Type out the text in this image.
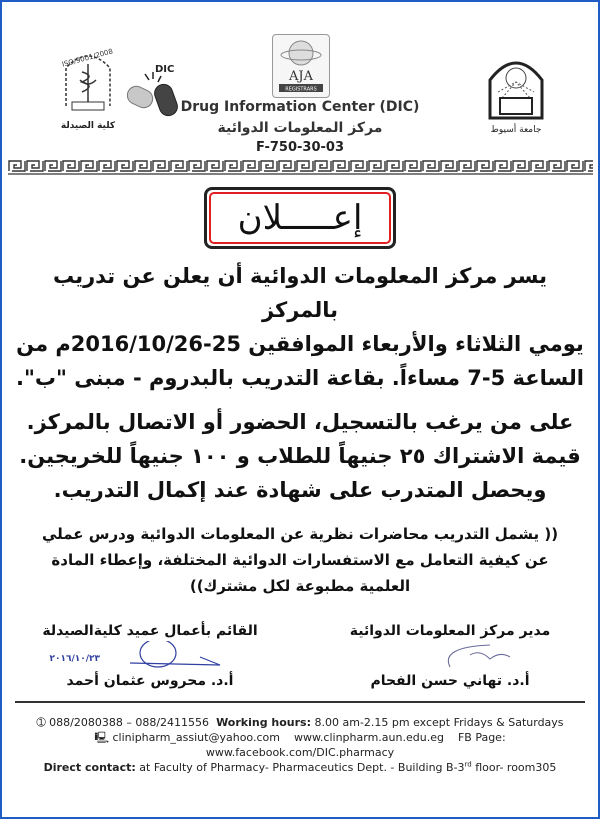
ISO/9001/2008
كلية الصيدلة
DIC	AJA
REGISTRARS
جامعة أسيوط
Drug Information Center (DIC)
مركز المعلومات الدوائية
F-750-30-03
إعـــــلان
يسر مركز المعلومات الدوائية أن يعلن عن تدريب بالمركز
يومي الثلاثاء والأربعاء الموافقين 25-2016/10/26م من
الساعة 5-7 مساءاً. بقاعة التدريب بالبدروم - مبنى "ب".
على من يرغب بالتسجيل، الحضور أو الاتصال بالمركز.
قيمة الاشتراك ٢٥ جنيهاً للطلاب و ١٠٠ جنيهاً للخريجين.
ويحصل المتدرب على شهادة عند إكمال التدريب.
(( يشمل التدريب محاضرات نظرية عن المعلومات الدوائية ودرس عملي
عن كيفية التعامل مع الاستفسارات الدوائية المختلفة، وإعطاء المادة
العلمية مطبوعة لكل مشترك))
القائم بأعمال عميد كليةالصيدلة
٢٠١٦/١٠/٢٣
أ.د. محروس عثمان أحمد
مدير مركز المعلومات الدوائية
أ.د. تهاني حسن الفحام
➀ 088/2080388 – 088/2411556 Working hours: 8.00 am-2.15 pm except Fridays & Saturdays
🖳 clinipharm_assiut@yahoo.com www.clinpharm.aun.edu.eg FB Page:
www.facebook.com/DIC.pharmacy
Direct contact: at Faculty of Pharmacy- Pharmaceutics Dept. - Building B-3rd floor- room305
